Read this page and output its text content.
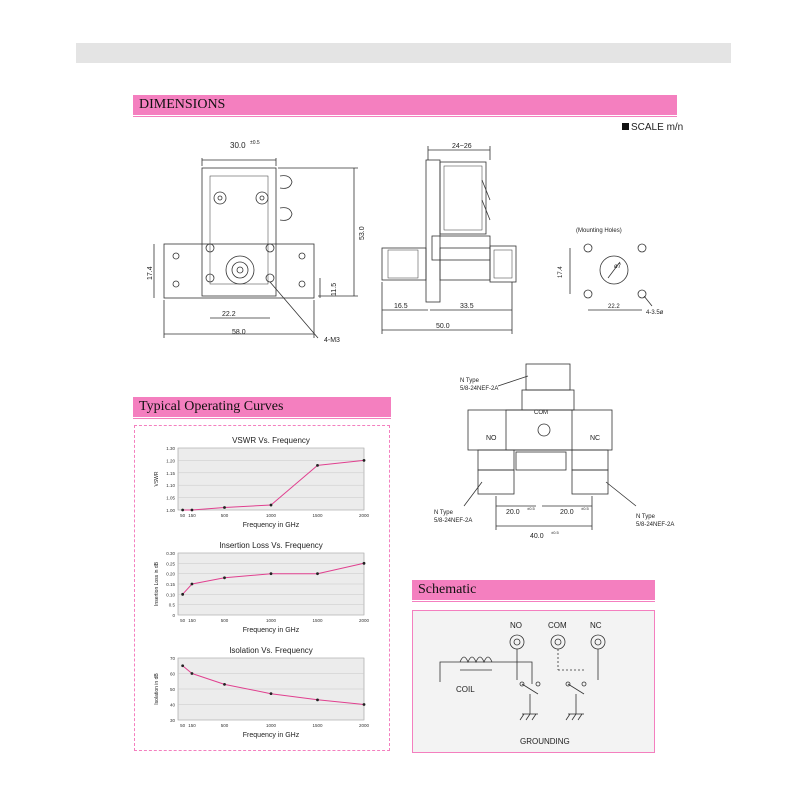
DIMENSIONS
SCALE m/n
30.0 ±0.5
53.0
17.4
11.5
22.2
58.0
4-M3
24~26
16.5	33.5
50.0
(Mounting Holes)
17.4
22.2
ø7
4-3.5ø
N Type
5/8-24NEF-2A
COM
NO	NC
N Type
5/8-24NEF-2A
N Type
5/8-24NEF-2A
20.0	20.0
40.0
±0.5	±0.5
±0.5
Typical Operating Curves
1.00
1.05
1.10
1.15
1.20
1.30
50 150	500	1000	1500	2000
VSWR Vs. Frequency
Frequency in GHz
VSWR
0
0.5
0.10
0.15
0.20
0.25
0.30
50 150	500	1000	1500	2000
Insertion Loss Vs. Frequency
Frequency in GHz
Insertion Loss in dB
30
40
50
60
70
50 150	500	1000	1500	2000
Isolation Vs. Frequency
Frequency in GHz
Isolation in dB
Schematic
NO	COM	NC
COIL
GROUNDING
